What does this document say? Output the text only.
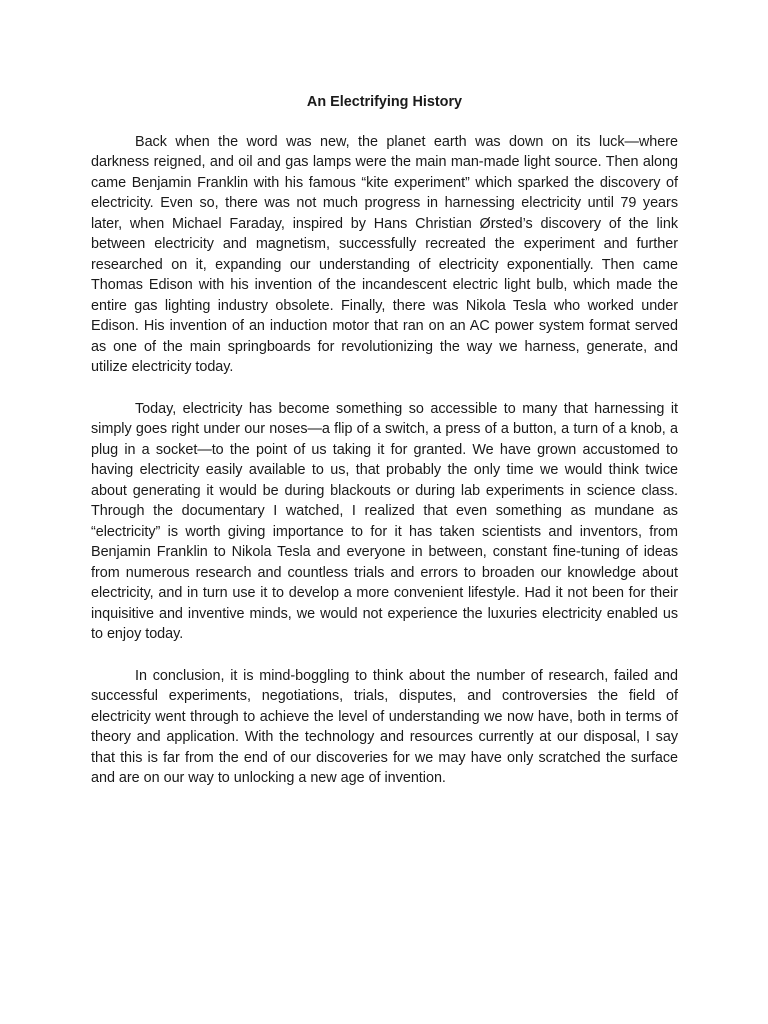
An Electrifying History

Back when the word was new, the planet earth was down on its luck—where darkness reigned, and oil and gas lamps were the main man-made light source. Then along came Benjamin Franklin with his famous “kite experiment” which sparked the discovery of electricity. Even so, there was not much progress in harnessing electricity until 79 years later, when Michael Faraday, inspired by Hans Christian Ørsted’s discovery of the link between electricity and magnetism, successfully recreated the experiment and further researched on it, expanding our understanding of electricity exponentially. Then came Thomas Edison with his invention of the incandescent electric light bulb, which made the entire gas lighting industry obsolete. Finally, there was Nikola Tesla who worked under Edison. His invention of an induction motor that ran on an AC power system format served as one of the main springboards for revolutionizing the way we harness, generate, and utilize electricity today.

Today, electricity has become something so accessible to many that harnessing it simply goes right under our noses—a flip of a switch, a press of a button, a turn of a knob, a plug in a socket—to the point of us taking it for granted. We have grown accustomed to having electricity easily available to us, that probably the only time we would think twice about generating it would be during blackouts or during lab experiments in science class. Through the documentary I watched, I realized that even something as mundane as “electricity” is worth giving importance to for it has taken scientists and inventors, from Benjamin Franklin to Nikola Tesla and everyone in between, constant fine-tuning of ideas from numerous research and countless trials and errors to broaden our knowledge about electricity, and in turn use it to develop a more convenient lifestyle. Had it not been for their inquisitive and inventive minds, we would not experience the luxuries electricity enabled us to enjoy today.

In conclusion, it is mind-boggling to think about the number of research, failed and successful experiments, negotiations, trials, disputes, and controversies the field of electricity went through to achieve the level of understanding we now have, both in terms of theory and application. With the technology and resources currently at our disposal, I say that this is far from the end of our discoveries for we may have only scratched the surface and are on our way to unlocking a new age of invention.
